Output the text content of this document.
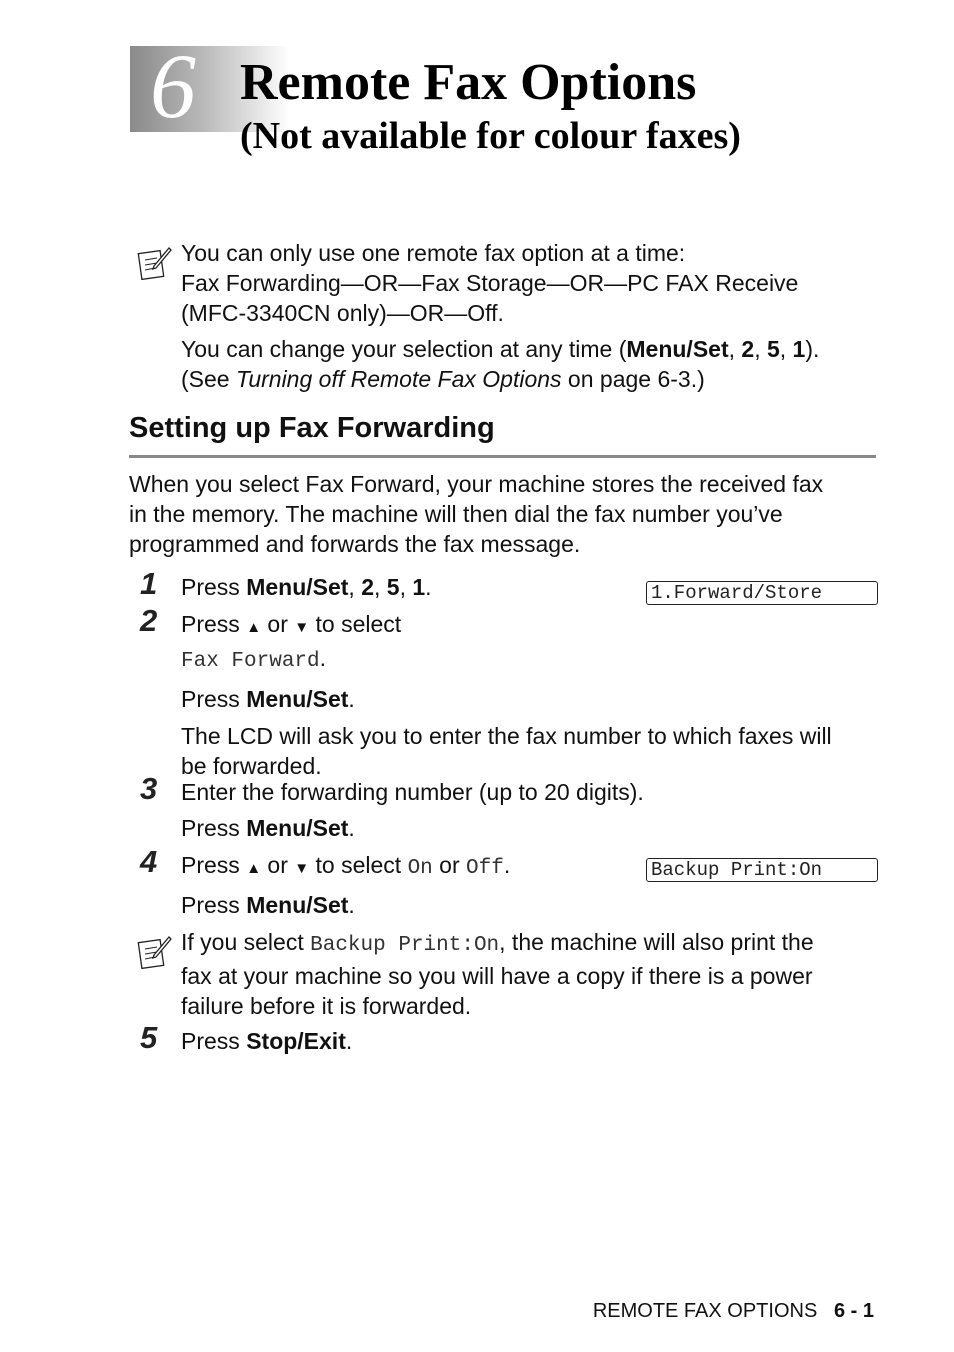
6 Remote Fax Options
(Not available for colour faxes)
You can only use one remote fax option at a time:
Fax Forwarding—OR—Fax Storage—OR—PC FAX Receive
(MFC-3340CN only)—OR—Off.
You can change your selection at any time (Menu/Set, 2, 5, 1).
(See Turning off Remote Fax Options on page 6-3.)
Setting up Fax Forwarding
When you select Fax Forward, your machine stores the received fax
in the memory. The machine will then dial the fax number you’ve
programmed and forwards the fax message.
1 Press Menu/Set, 2, 5, 1.	1.Forward/Store
2 Press ▲ or ▼ to select
Fax Forward.
Press Menu/Set.
The LCD will ask you to enter the fax number to which faxes will
be forwarded.
3 Enter the forwarding number (up to 20 digits).
Press Menu/Set.
4 Press ▲ or ▼ to select On or Off.
Press Menu/Set.
Backup Print:On
If you select Backup Print:On, the machine will also print the
fax at your machine so you will have a copy if there is a power
failure before it is forwarded.
5 Press Stop/Exit.
REMOTE FAX OPTIONS 6 - 1
